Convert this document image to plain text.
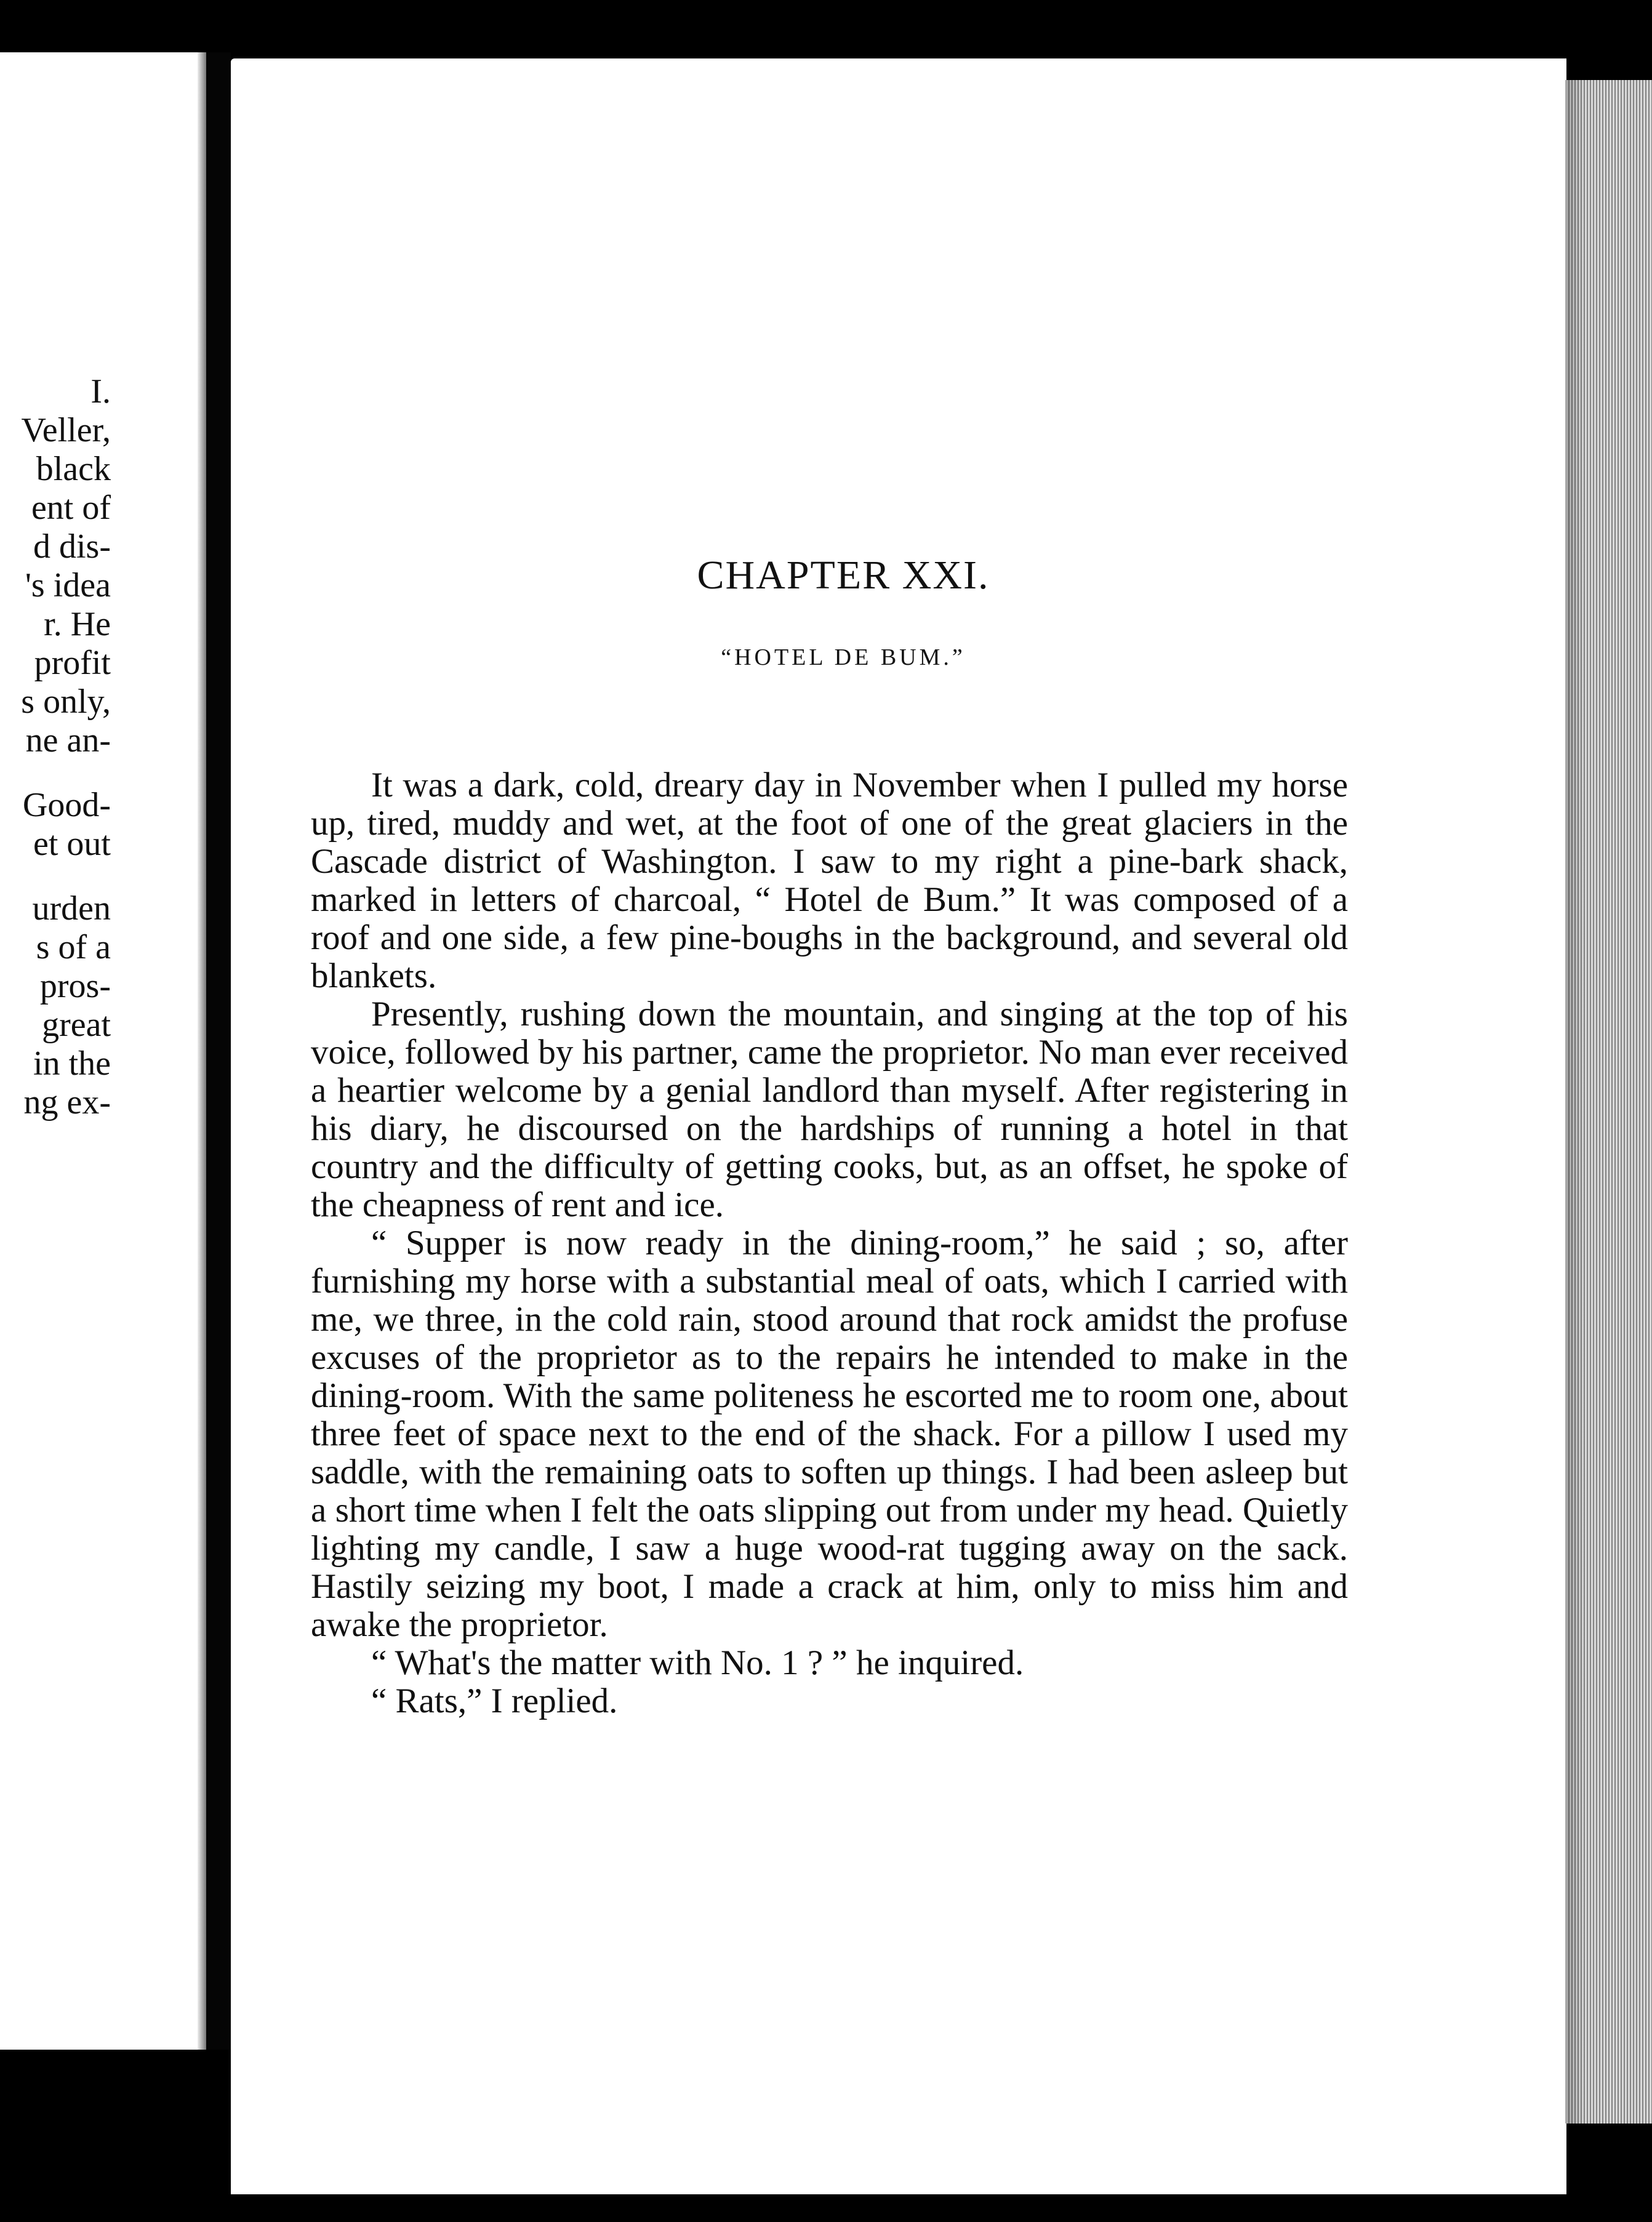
I.
Veller,
black
ent of
d dis-
's idea
r. He
profit
s only,
ne an-
Good-
et out
urden
s of a
pros-
great
in the
ng ex-
CHAPTER XXI.
“HOTEL DE BUM.”

It was a dark, cold, dreary day in November when I pulled my horse up, tired, muddy and wet, at the foot of one of the great glaciers in the Cascade district of Washington. I saw to my right a pine-bark shack, marked in letters of charcoal, “ Hotel de Bum.” It was composed of a roof and one side, a few pine-boughs in the background, and several old blankets.

Presently, rushing down the mountain, and singing at the top of his voice, followed by his partner, came the proprietor. No man ever received a heartier welcome by a genial landlord than myself. After registering in his diary, he discoursed on the hardships of running a hotel in that country and the difficulty of getting cooks, but, as an offset, he spoke of the cheapness of rent and ice.

“ Supper is now ready in the dining-room,” he said ; so, after furnishing my horse with a substantial meal of oats, which I carried with me, we three, in the cold rain, stood around that rock amidst the profuse excuses of the proprietor as to the repairs he intended to make in the dining-room. With the same politeness he escorted me to room one, about three feet of space next to the end of the shack. For a pillow I used my saddle, with the remaining oats to soften up things. I had been asleep but a short time when I felt the oats slipping out from under my head. Quietly lighting my candle, I saw a huge wood-rat tugging away on the sack. Hastily seizing my boot, I made a crack at him, only to miss him and awake the proprietor.

“ What's the matter with No. 1 ? ” he inquired.

“ Rats,” I replied.
